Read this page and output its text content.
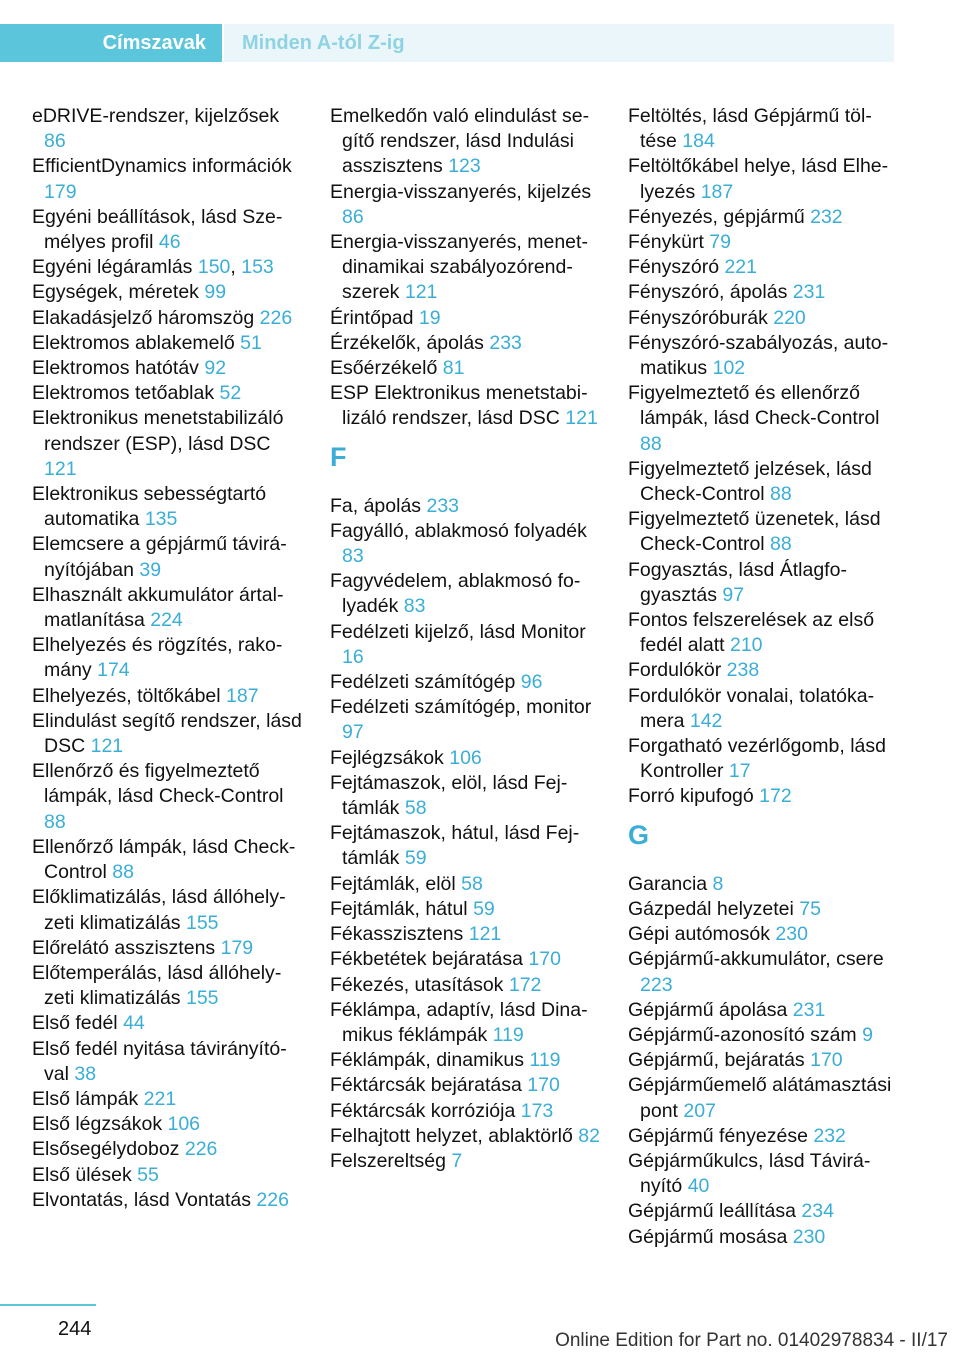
Címszavak	Minden A-tól Z-ig
eDRIVE-rendszer, kijelzősek 86
EfficientDynamics információk 179
Egyéni beállítások, lásd Személyes profil 46
Egyéni légáramlás 150, 153
Egységek, méretek 99
Elakadásjelző háromszög 226
Elektromos ablakemelő 51
Elektromos hatótáv 92
Elektromos tetőablak 52
Elektronikus menetstabilizáló rendszer (ESP), lásd DSC 121
Elektronikus sebességtartó automatika 135
Elemcsere a gépjármű távirányítójában 39
Elhasznált akkumulátor ártalmatlanítása 224
Elhelyezés és rögzítés, rakomány 174
Elhelyezés, töltőkábel 187
Elindulást segítő rendszer, lásd DSC 121
Ellenőrző és figyelmeztető lámpák, lásd Check-Control 88
Ellenőrző lámpák, lásd Check-Control 88
Előklimatizálás, lásd állóhelyzeti klimatizálás 155
Előrelátó asszisztens 179
Előtemperálás, lásd állóhelyzeti klimatizálás 155
Első fedél 44
Első fedél nyitása távirányítóval 38
Első lámpák 221
Első légzsákok 106
Elsősegélydoboz 226
Első ülések 55
Elvontatás, lásd Vontatás 226
Emelkedőn való elindulást segítő rendszer, lásd Indulási asszisztens 123
Energia-visszanyerés, kijelzés 86
Energia-visszanyerés, menetdinamikai szabályozórendszerek 121
Érintőpad 19
Érzékelők, ápolás 233
Esőérzékelő 81
ESP Elektronikus menetstabilizáló rendszer, lásd DSC 121
F
Fa, ápolás 233
Fagyálló, ablakmosó folyadék 83
Fagyvédelem, ablakmosó folyadék 83
Fedélzeti kijelző, lásd Monitor 16
Fedélzeti számítógép 96
Fedélzeti számítógép, monitor 97
Fejlégzsákok 106
Fejtámaszok, elöl, lásd Fejtámlák 58
Fejtámaszok, hátul, lásd Fejtámlák 59
Fejtámlák, elöl 58
Fejtámlák, hátul 59
Fékasszisztens 121
Fékbetétek bejáratása 170
Fékezés, utasítások 172
Féklámpa, adaptív, lásd Dinamikus féklámpák 119
Féklámpák, dinamikus 119
Féktárcsák bejáratása 170
Féktárcsák korróziója 173
Felhajtott helyzet, ablaktörlő 82
Felszereltség 7
Feltöltés, lásd Gépjármű töltése 184
Feltöltőkábel helye, lásd Elhelyezés 187
Fényezés, gépjármű 232
Fénykürt 79
Fényszóró 221
Fényszóró, ápolás 231
Fényszóróburák 220
Fényszóró-szabályozás, automatikus 102
Figyelmeztető és ellenőrző lámpák, lásd Check-Control 88
Figyelmeztető jelzések, lásd Check-Control 88
Figyelmeztető üzenetek, lásd Check-Control 88
Fogyasztás, lásd Átlagfogyasztás 97
Fontos felszerelések az első fedél alatt 210
Fordulókör 238
Fordulókör vonalai, tolatókamera 142
Forgatható vezérlőgomb, lásd Kontroller 17
Forró kipufogó 172
G
Garancia 8
Gázpedál helyzetei 75
Gépi autómosók 230
Gépjármű-akkumulátor, csere 223
Gépjármű ápolása 231
Gépjármű-azonosító szám 9
Gépjármű, bejáratás 170
Gépjárműemelő alátámasztási pont 207
Gépjármű fényezése 232
Gépjárműkulcs, lásd Távirányító 40
Gépjármű leállítása 234
Gépjármű mosása 230
244
Online Edition for Part no. 01402978834 - II/17
